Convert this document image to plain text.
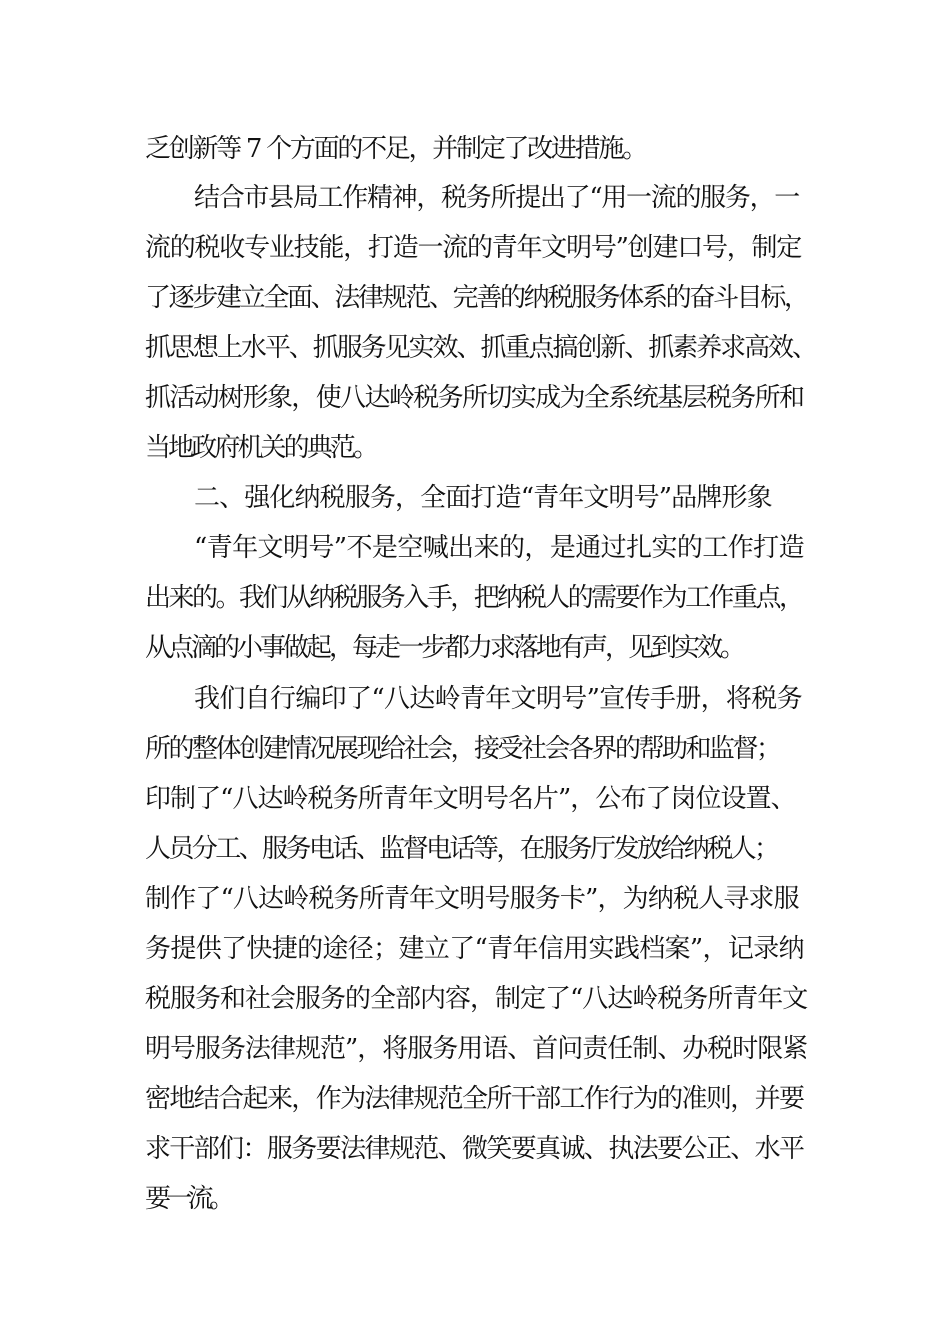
乏创新等 7 个方面的不足，并制定了改进措施。
结合市县局工作精神，税务所提出了“用一流的服务，一
流的税收专业技能，打造一流的青年文明号”创建口号，制定
了逐步建立全面、法律规范、完善的纳税服务体系的奋斗目标，
抓思想上水平、抓服务见实效、抓重点搞创新、抓素养求高效、
抓活动树形象，使八达岭税务所切实成为全系统基层税务所和
当地政府机关的典范。
二、强化纳税服务，全面打造“青年文明号”品牌形象
“青年文明号”不是空喊出来的，是通过扎实的工作打造
出来的。我们从纳税服务入手，把纳税人的需要作为工作重点，
从点滴的小事做起，每走一步都力求落地有声，见到实效。
我们自行编印了“八达岭青年文明号”宣传手册，将税务
所的整体创建情况展现给社会，接受社会各界的帮助和监督；
印制了“八达岭税务所青年文明号名片”，公布了岗位设置、
人员分工、服务电话、监督电话等，在服务厅发放给纳税人；
制作了“八达岭税务所青年文明号服务卡”，为纳税人寻求服
务提供了快捷的途径；建立了“青年信用实践档案”，记录纳
税服务和社会服务的全部内容，制定了“八达岭税务所青年文
明号服务法律规范”，将服务用语、首问责任制、办税时限紧
密地结合起来，作为法律规范全所干部工作行为的准则，并要
求干部们：服务要法律规范、微笑要真诚、执法要公正、水平
要一流。
